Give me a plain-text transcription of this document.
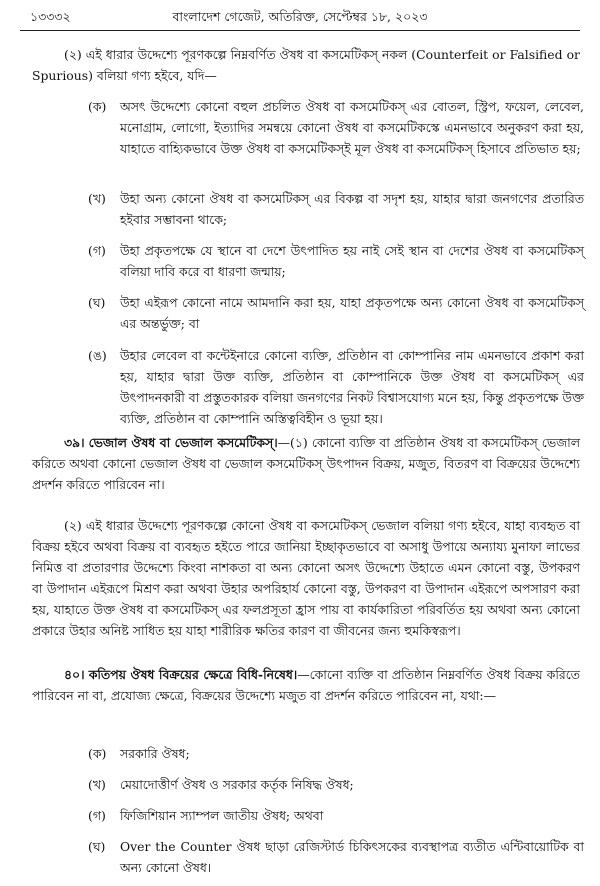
১৩৩৩২	বাংলাদেশ গেজেট, অতিরিক্ত, সেপ্টেম্বর ১৮, ২০২৩
(২) এই ধারার উদ্দেশ্যে পূরণকল্পে নিম্নবর্ণিত ঔষধ বা কসমেটিকস্ নকল (Counterfeit or Falsified or Spurious) বলিয়া গণ্য হইবে, যদি—
(ক)	অসৎ উদ্দেশ্যে কোনো বহুল প্রচলিত ঔষধ বা কসমেটিকস্ এর বোতল, স্ট্রিপ, ফয়েল, লেবেল, মনোগ্রাম, লোগো, ইত্যাদির সমন্বয়ে কোনো ঔষধ বা কসমেটিকস্কে এমনভাবে অনুকরণ করা হয়, যাহাতে বাহ্যিকভাবে উক্ত ঔষধ বা কসমেটিকস্ই মূল ঔষধ বা কসমেটিকস্ হিসাবে প্রতিভাত হয়;
(খ)	উহা অন্য কোনো ঔষধ বা কসমেটিকস্ এর বিকল্প বা সদৃশ হয়, যাহার দ্বারা জনগণের প্রতারিত হইবার সম্ভাবনা থাকে;
(গ)	উহা প্রকৃতপক্ষে যে স্থানে বা দেশে উৎপাদিত হয় নাই সেই স্থান বা দেশের ঔষধ বা কসমেটিকস্ বলিয়া দাবি করে বা ধারণা জন্মায়;
(ঘ)	উহা এইরূপ কোনো নামে আমদানি করা হয়, যাহা প্রকৃতপক্ষে অন্য কোনো ঔষধ বা কসমেটিকস্ এর অন্তর্ভুক্ত; বা
(ঙ)	উহার লেবেল বা কন্টেইনারে কোনো ব্যক্তি, প্রতিষ্ঠান বা কোম্পানির নাম এমনভাবে প্রকাশ করা হয়, যাহার দ্বারা উক্ত ব্যক্তি, প্রতিষ্ঠান বা কোম্পানিকে উক্ত ঔষধ বা কসমেটিকস্ এর উৎপাদনকারী বা প্রস্তুতকারক বলিয়া জনগণের নিকট বিশ্বাসযোগ্য মনে হয়, কিন্তু প্রকৃতপক্ষে উক্ত ব্যক্তি, প্রতিষ্ঠান বা কোম্পানি অস্তিত্ববিহীন ও ভূয়া হয়।
৩৯। ভেজাল ঔষধ বা ভেজাল কসমেটিকস্।—(১) কোনো ব্যক্তি বা প্রতিষ্ঠান ঔষধ বা কসমেটিকস্ ভেজাল করিতে অথবা কোনো ভেজাল ঔষধ বা ভেজাল কসমেটিকস্ উৎপাদন বিক্রয়, মজুত, বিতরণ বা বিক্রয়ের উদ্দেশ্যে প্রদর্শন করিতে পারিবেন না।
(২) এই ধারার উদ্দেশ্যে পূরণকল্পে কোনো ঔষধ বা কসমেটিকস্ ভেজাল বলিয়া গণ্য হইবে, যাহা ব্যবহৃত বা বিক্রয় হইবে অথবা বিক্রয় বা ব্যবহৃত হইতে পারে জানিয়া ইচ্ছাকৃতভাবে বা অসাধু উপায়ে অন্যায্য মুনাফা লাভের নিমিত্ত বা প্রতারণার উদ্দেশ্যে কিংবা নাশকতা বা অন্য কোনো অসৎ উদ্দেশ্যে উহাতে এমন কোনো বস্তু, উপকরণ বা উপাদান এইরূপে মিশ্রণ করা অথবা উহার অপরিহার্য কোনো বস্তু, উপকরণ বা উপাদান এইরূপে অপসারণ করা হয়, যাহাতে উক্ত ঔষধ বা কসমেটিকস্ এর ফলপ্রসূতা হ্রাস পায় বা কার্যকারিতা পরিবর্তিত হয় অথবা অন্য কোনো প্রকারে উহার অনিষ্ট সাধিত হয় যাহা শারীরিক ক্ষতির কারণ বা জীবনের জন্য হুমকিস্বরূপ।
৪০। কতিপয় ঔষধ বিক্রয়ের ক্ষেত্রে বিধি-নিষেধ।—কোনো ব্যক্তি বা প্রতিষ্ঠান নিম্নবর্ণিত ঔষধ বিক্রয় করিতে পারিবেন না বা, প্রযোজ্য ক্ষেত্রে, বিক্রয়ের উদ্দেশ্যে মজুত বা প্রদর্শন করিতে পারিবেন না, যথা:—
(ক)	সরকারি ঔষধ;
(খ)	মেয়াদোত্তীর্ণ ঔষধ ও সরকার কর্তৃক নিষিদ্ধ ঔষধ;
(গ)	ফিজিশিয়ান স্যাম্পল জাতীয় ঔষধ; অথবা
(ঘ)	Over the Counter ঔষধ ছাড়া রেজিস্টার্ড চিকিৎসকের ব্যবস্থাপত্র ব্যতীত এন্টিবায়োটিক বা অন্য কোনো ঔষধ।
